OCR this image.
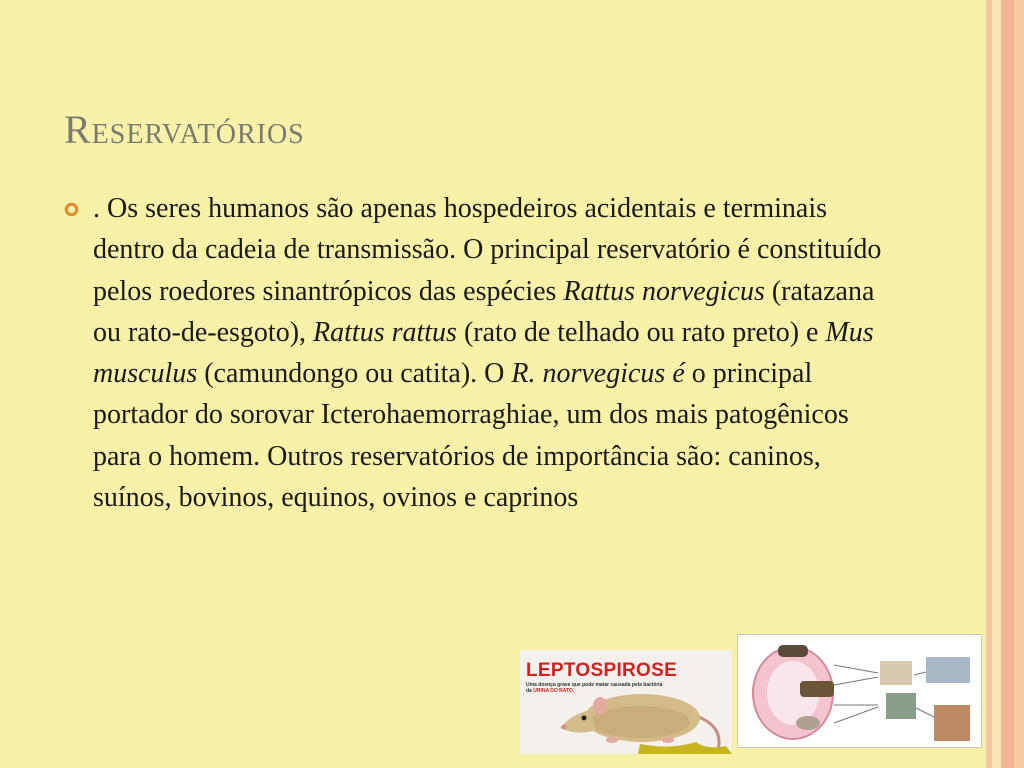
Reservatórios
. Os seres humanos são apenas hospedeiros acidentais e terminais dentro da cadeia de transmissão. O principal reservatório é constituído pelos roedores sinantrópicos das espécies Rattus norvegicus (ratazana ou rato-de-esgoto), Rattus rattus (rato de telhado ou rato preto) e Mus musculus (camundongo ou catita). O R. norvegicus é o principal portador do sorovar Icterohaemorraghiae, um dos mais patogênicos para o homem. Outros reservatórios de importância são: caninos, suínos, bovinos, equinos, ovinos e caprinos
LEPTOSPIROSE
Uma doença grave que pode matar causada pela bactéria
da URINA DO RATO.
